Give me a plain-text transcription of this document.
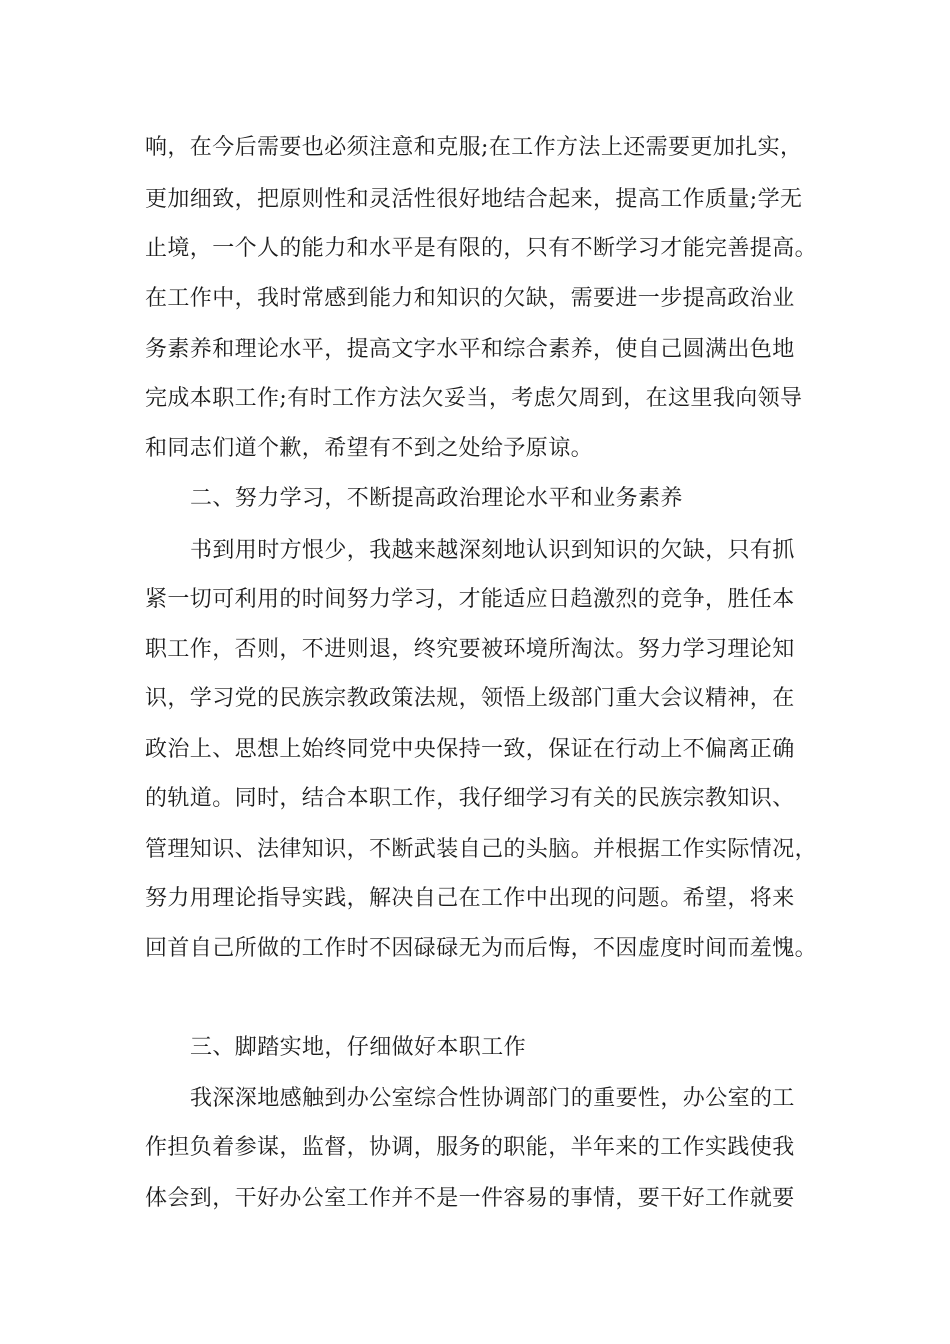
响，在今后需要也必须注意和克服;在工作方法上还需要更加扎实，
更加细致，把原则性和灵活性很好地结合起来，提高工作质量;学无
止境，一个人的能力和水平是有限的，只有不断学习才能完善提高。
在工作中，我时常感到能力和知识的欠缺，需要进一步提高政治业
务素养和理论水平，提高文字水平和综合素养，使自己圆满出色地
完成本职工作;有时工作方法欠妥当，考虑欠周到，在这里我向领导
和同志们道个歉，希望有不到之处给予原谅。
二、努力学习，不断提高政治理论水平和业务素养
书到用时方恨少，我越来越深刻地认识到知识的欠缺，只有抓
紧一切可利用的时间努力学习，才能适应日趋激烈的竞争，胜任本
职工作，否则，不进则退，终究要被环境所淘汰。努力学习理论知
识，学习党的民族宗教政策法规，领悟上级部门重大会议精神，在
政治上、思想上始终同党中央保持一致，保证在行动上不偏离正确
的轨道。同时，结合本职工作，我仔细学习有关的民族宗教知识、
管理知识、法律知识，不断武装自己的头脑。并根据工作实际情况，
努力用理论指导实践，解决自己在工作中出现的问题。希望，将来
回首自己所做的工作时不因碌碌无为而后悔，不因虚度时间而羞愧。
三、脚踏实地，仔细做好本职工作
我深深地感触到办公室综合性协调部门的重要性，办公室的工
作担负着参谋，监督，协调，服务的职能，半年来的工作实践使我
体会到，干好办公室工作并不是一件容易的事情，要干好工作就要
